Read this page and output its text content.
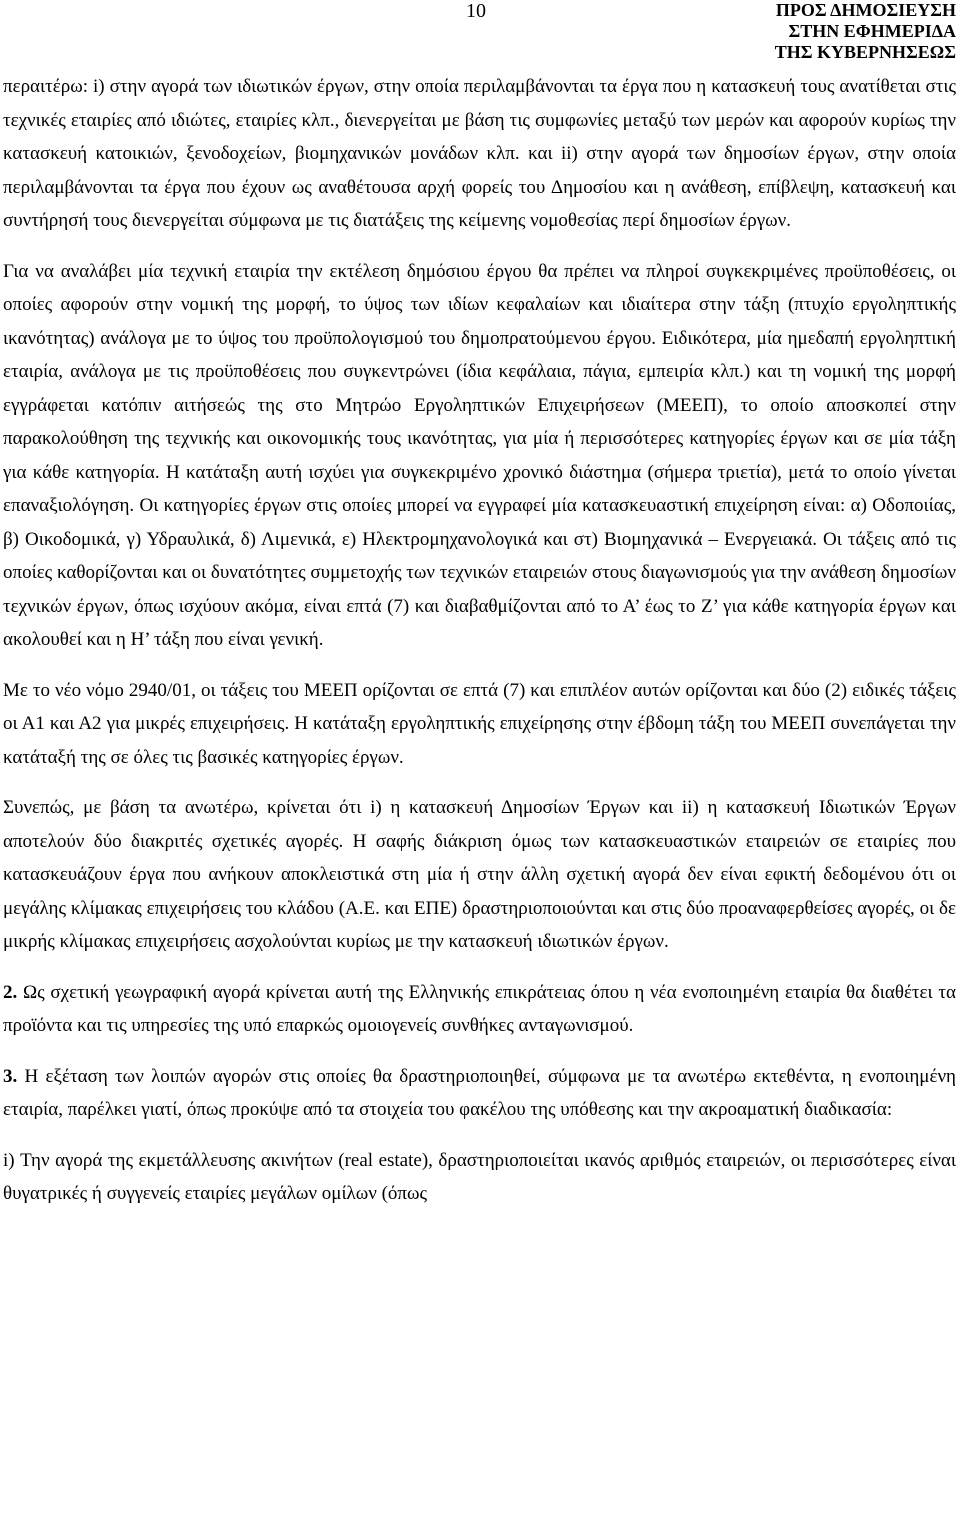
10	ΠΡΟΣ ΔΗΜΟΣΙΕΥΣΗ
ΣΤΗΝ ΕΦΗΜΕΡΙΔΑ
ΤΗΣ ΚΥΒΕΡΝΗΣΕΩΣ

περαιτέρω: i) στην αγορά των ιδιωτικών έργων, στην οποία περιλαμβάνονται τα έργα που η κατασκευή τους ανατίθεται στις τεχνικές εταιρίες από ιδιώτες, εταιρίες κλπ., διενεργείται με βάση τις συμφωνίες μεταξύ των μερών και αφορούν κυρίως την κατασκευή κατοικιών, ξενοδοχείων, βιομηχανικών μονάδων κλπ. και ii) στην αγορά των δημοσίων έργων, στην οποία περιλαμβάνονται τα έργα που έχουν ως αναθέτουσα αρχή φορείς του Δημοσίου και η ανάθεση, επίβλεψη, κατασκευή και συντήρησή τους διενεργείται σύμφωνα με τις διατάξεις της κείμενης νομοθεσίας περί δημοσίων έργων.

Για να αναλάβει μία τεχνική εταιρία την εκτέλεση δημόσιου έργου θα πρέπει να πληροί συγκεκριμένες προϋποθέσεις, οι οποίες αφορούν στην νομική της μορφή, το ύψος των ιδίων κεφαλαίων και ιδιαίτερα στην τάξη (πτυχίο εργοληπτικής ικανότητας) ανάλογα με το ύψος του προϋπολογισμού του δημοπρατούμενου έργου. Ειδικότερα, μία ημεδαπή εργοληπτική εταιρία, ανάλογα με τις προϋποθέσεις που συγκεντρώνει (ίδια κεφάλαια, πάγια, εμπειρία κλπ.) και τη νομική της μορφή εγγράφεται κατόπιν αιτήσεώς της στο Μητρώο Εργοληπτικών Επιχειρήσεων (ΜΕΕΠ), το οποίο αποσκοπεί στην παρακολούθηση της τεχνικής και οικονομικής τους ικανότητας, για μία ή περισσότερες κατηγορίες έργων και σε μία τάξη για κάθε κατηγορία. Η κατάταξη αυτή ισχύει για συγκεκριμένο χρονικό διάστημα (σήμερα τριετία), μετά το οποίο γίνεται επαναξιολόγηση. Οι κατηγορίες έργων στις οποίες μπορεί να εγγραφεί μία κατασκευαστική επιχείρηση είναι: α) Οδοποιίας, β) Οικοδομικά, γ) Υδραυλικά, δ) Λιμενικά, ε) Ηλεκτρομηχανολογικά και στ) Βιομηχανικά – Ενεργειακά. Οι τάξεις από τις οποίες καθορίζονται και οι δυνατότητες συμμετοχής των τεχνικών εταιρειών στους διαγωνισμούς για την ανάθεση δημοσίων τεχνικών έργων, όπως ισχύουν ακόμα, είναι επτά (7) και διαβαθμίζονται από το Α’ έως το Ζ’ για κάθε κατηγορία έργων και ακολουθεί και η Η’ τάξη που είναι γενική.

Με το νέο νόμο 2940/01, οι τάξεις του ΜΕΕΠ ορίζονται σε επτά (7) και επιπλέον αυτών ορίζονται και δύο (2) ειδικές τάξεις οι Α1 και Α2 για μικρές επιχειρήσεις. Η κατάταξη εργοληπτικής επιχείρησης στην έβδομη τάξη του ΜΕΕΠ συνεπάγεται την κατάταξή της σε όλες τις βασικές κατηγορίες έργων.

Συνεπώς, με βάση τα ανωτέρω, κρίνεται ότι i) η κατασκευή Δημοσίων Έργων και ii) η κατασκευή Ιδιωτικών Έργων αποτελούν δύο διακριτές σχετικές αγορές. Η σαφής διάκριση όμως των κατασκευαστικών εταιρειών σε εταιρίες που κατασκευάζουν έργα που ανήκουν αποκλειστικά στη μία ή στην άλλη σχετική αγορά δεν είναι εφικτή δεδομένου ότι οι μεγάλης κλίμακας επιχειρήσεις του κλάδου (Α.Ε. και ΕΠΕ) δραστηριοποιούνται και στις δύο προαναφερθείσες αγορές, οι δε μικρής κλίμακας επιχειρήσεις ασχολούνται κυρίως με την κατασκευή ιδιωτικών έργων.

2. Ως σχετική γεωγραφική αγορά κρίνεται αυτή της Ελληνικής επικράτειας όπου η νέα ενοποιημένη εταιρία θα διαθέτει τα προϊόντα και τις υπηρεσίες της υπό επαρκώς ομοιογενείς συνθήκες ανταγωνισμού.

3. Η εξέταση των λοιπών αγορών στις οποίες θα δραστηριοποιηθεί, σύμφωνα με τα ανωτέρω εκτεθέντα, η ενοποιημένη εταιρία, παρέλκει γιατί, όπως προκύψε από τα στοιχεία του φακέλου της υπόθεσης και την ακροαματική διαδικασία:

i) Την αγορά της εκμετάλλευσης ακινήτων (real estate), δραστηριοποιείται ικανός αριθμός εταιρειών, οι περισσότερες είναι θυγατρικές ή συγγενείς εταιρίες μεγάλων ομίλων (όπως
